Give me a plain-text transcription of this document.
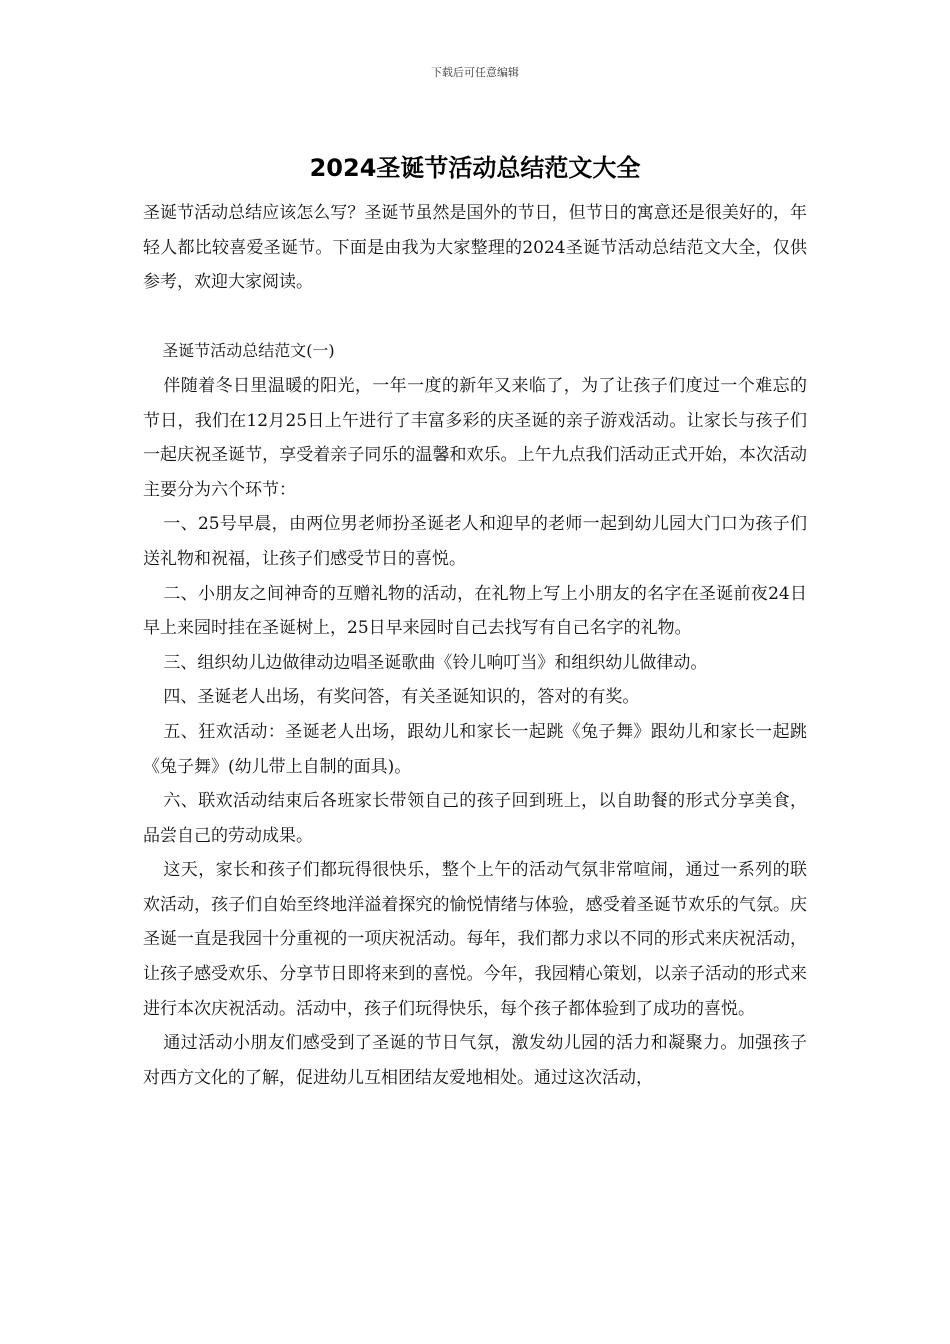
下载后可任意编辑
2024圣诞节活动总结范文大全

圣诞节活动总结应该怎么写？圣诞节虽然是国外的节日，但节日的寓意还是很美好的，年轻人都比较喜爱圣诞节。下面是由我为大家整理的2024圣诞节活动总结范文大全，仅供参考，欢迎大家阅读。

圣诞节活动总结范文(一)

伴随着冬日里温暖的阳光，一年一度的新年又来临了，为了让孩子们度过一个难忘的节日，我们在12月25日上午进行了丰富多彩的庆圣诞的亲子游戏活动。让家长与孩子们一起庆祝圣诞节，享受着亲子同乐的温馨和欢乐。上午九点我们活动正式开始，本次活动主要分为六个环节：

一、25号早晨，由两位男老师扮圣诞老人和迎早的老师一起到幼儿园大门口为孩子们送礼物和祝福，让孩子们感受节日的喜悦。

二、小朋友之间神奇的互赠礼物的活动，在礼物上写上小朋友的名字在圣诞前夜24日早上来园时挂在圣诞树上，25日早来园时自己去找写有自己名字的礼物。

三、组织幼儿边做律动边唱圣诞歌曲《铃儿响叮当》和组织幼儿做律动。

四、圣诞老人出场，有奖问答，有关圣诞知识的，答对的有奖。

五、狂欢活动：圣诞老人出场，跟幼儿和家长一起跳《兔子舞》跟幼儿和家长一起跳《兔子舞》(幼儿带上自制的面具)。

六、联欢活动结束后各班家长带领自己的孩子回到班上，以自助餐的形式分享美食，品尝自己的劳动成果。

这天，家长和孩子们都玩得很快乐，整个上午的活动气氛非常喧闹，通过一系列的联欢活动，孩子们自始至终地洋溢着探究的愉悦情绪与体验，感受着圣诞节欢乐的气氛。庆圣诞一直是我园十分重视的一项庆祝活动。每年，我们都力求以不同的形式来庆祝活动，让孩子感受欢乐、分享节日即将来到的喜悦。今年，我园精心策划，以亲子活动的形式来进行本次庆祝活动。活动中，孩子们玩得快乐，每个孩子都体验到了成功的喜悦。

通过活动小朋友们感受到了圣诞的节日气氛，激发幼儿园的活力和凝聚力。加强孩子对西方文化的了解，促进幼儿互相团结友爱地相处。通过这次活动，
